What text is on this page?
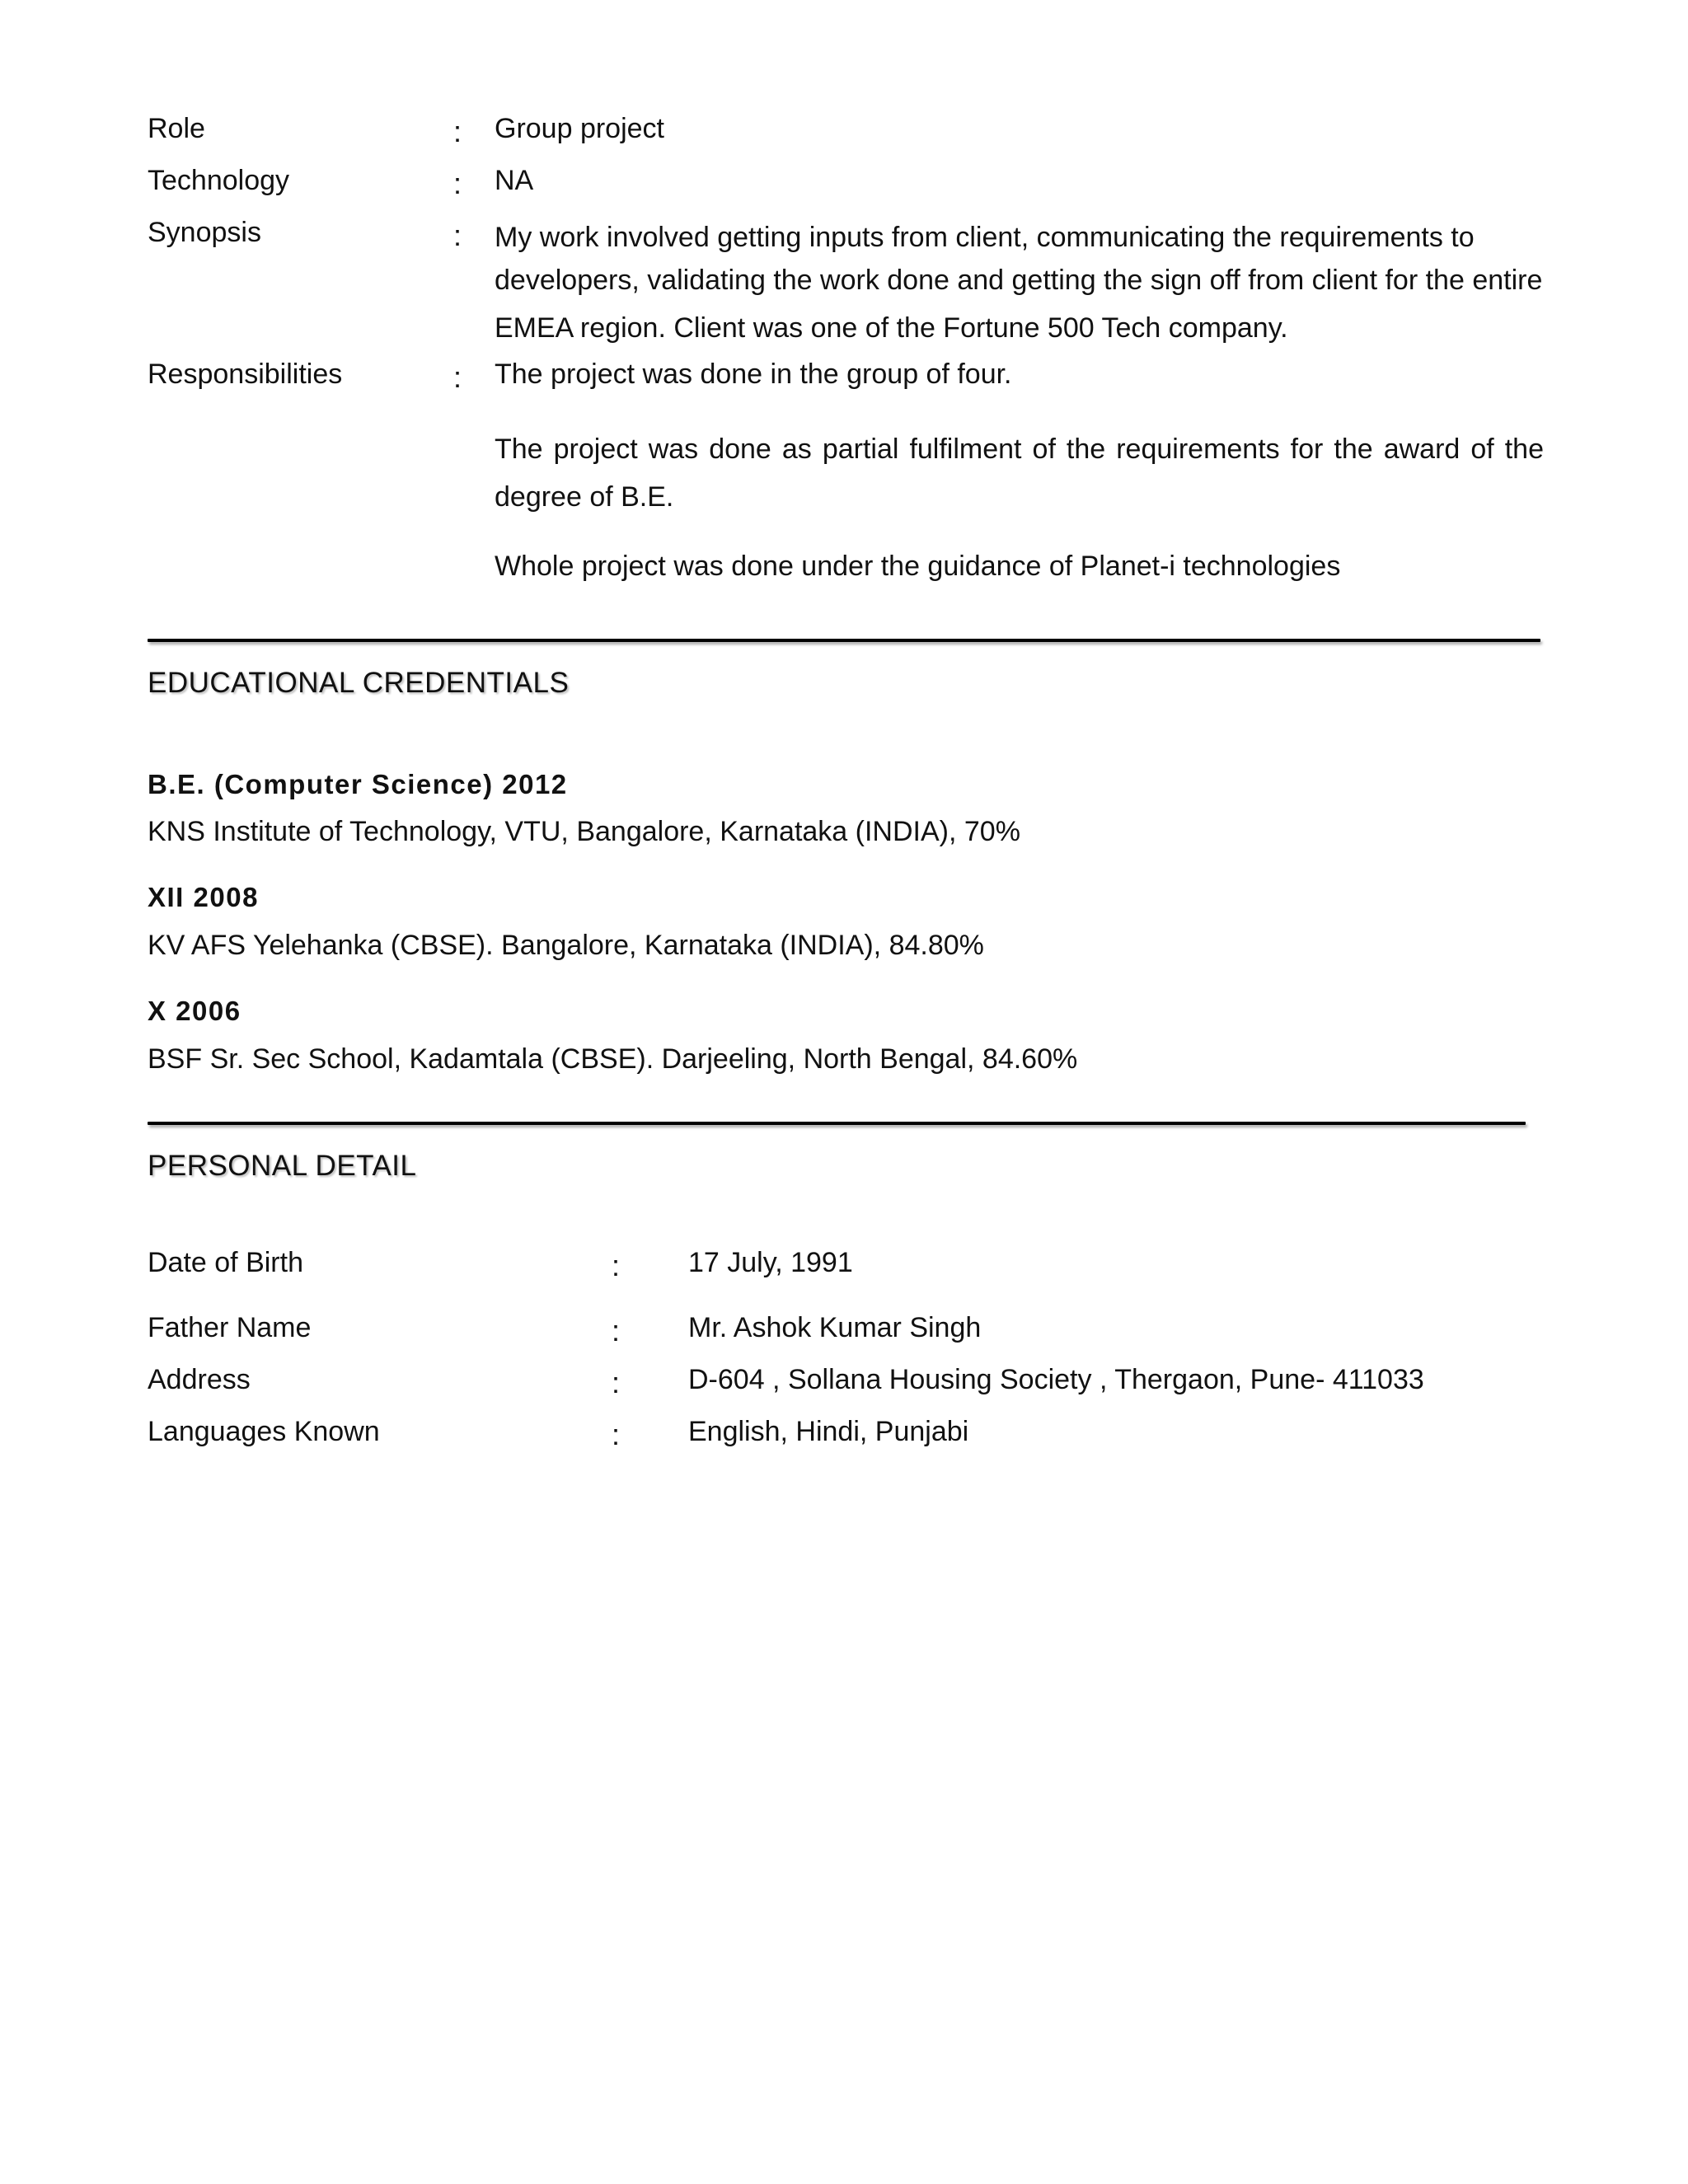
Role	: Group project
Technology	: NA
Synopsis	: My work involved getting inputs from client, communicating the requirements to
developers, validating the work done and getting the sign off from client for the entire
EMEA region. Client was one of the Fortune 500 Tech company.
Responsibilities	: The project was done in the group of four.
The project was done as partial fulfilment of the requirements for the award of the degree of B.E.
Whole project was done under the guidance of Planet-i technologies
EDUCATIONAL CREDENTIALS
B.E. (Computer Science) 2012
KNS Institute of Technology, VTU, Bangalore, Karnataka (INDIA), 70%
XII 2008
KV AFS Yelehanka (CBSE). Bangalore, Karnataka (INDIA), 84.80%
X 2006
BSF Sr. Sec School, Kadamtala (CBSE). Darjeeling, North Bengal, 84.60%
PERSONAL DETAIL
Date of Birth	: 17 July, 1991
Father Name	: Mr. Ashok Kumar Singh
Address	: D-604 , Sollana Housing Society , Thergaon, Pune- 411033
Languages Known	: English, Hindi, Punjabi
